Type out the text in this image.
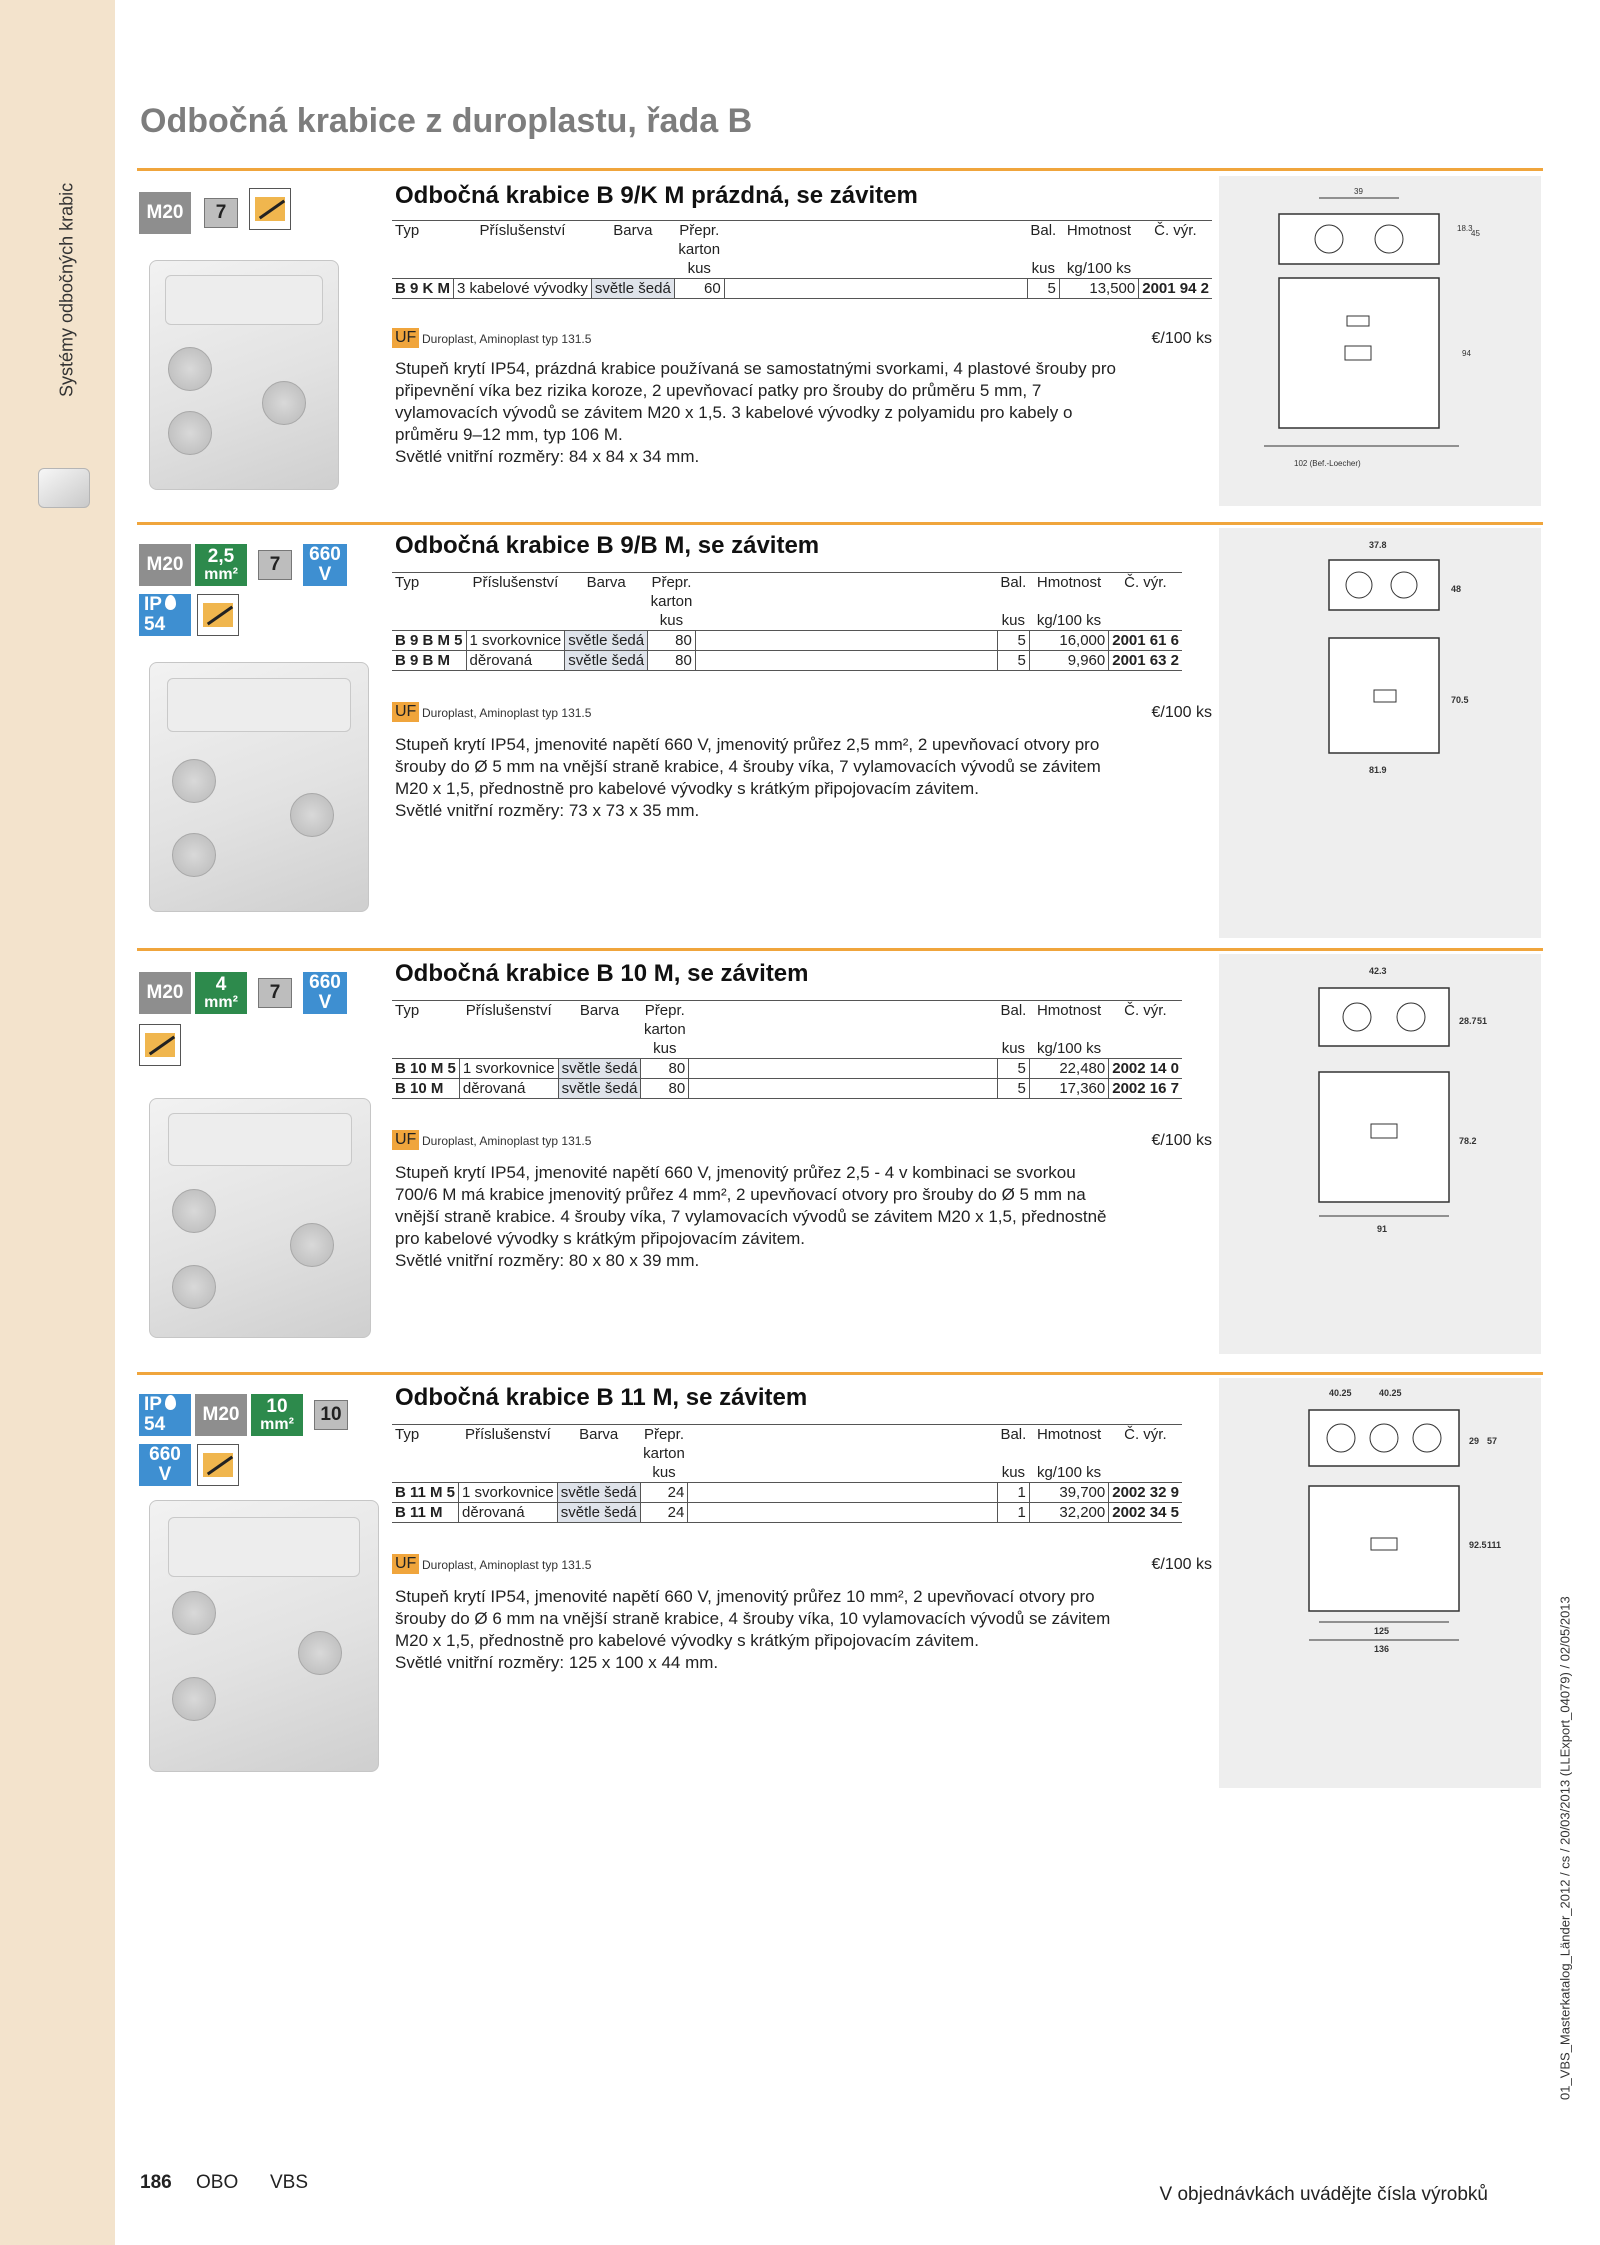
Systémy odbočných krabic
Odbočná krabice z duroplastu, řada B
M20	7
Odbočná krabice B 9/K M prázdná, se závitem
Typ	Příslušenství	Barva	Přepr.		Bal.	Hmotnost	Č. výr.
			karton				
			kus		kus	kg/100 ks	
B 9 K M	3 kabelové vývodky	světle šedá	60		5	13,500	2001 94 2
UF Duroplast, Aminoplast typ 131.5	€/100 ks
Stupeň krytí IP54, prázdná krabice používaná se samostatnými svorkami, 4 plastové šrouby pro
připevnění víka bez rizika koroze, 2 upevňovací patky pro šrouby do průměru 5 mm, 7
vylamovacích vývodů se závitem M20 x 1,5. 3 kabelové vývodky z polyamidu pro kabely o
průměru 9–12 mm, typ 106 M.
Světlé vnitřní rozměry: 84 x 84 x 34 mm.
39
18.3
45
94
102 (Bef.-Loecher)
M20	2,5
mm²	7	660
V
IP
54
Odbočná krabice B 9/B M, se závitem
Typ	Příslušenství	Barva	Přepr.		Bal.	Hmotnost	Č. výr.
			karton				
			kus		kus	kg/100 ks	
B 9 B M 5	1 svorkovnice	světle šedá	80		5	16,000	2001 61 6
B 9 B M	děrovaná	světle šedá	80		5	9,960	2001 63 2
UF Duroplast, Aminoplast typ 131.5	€/100 ks
Stupeň krytí IP54, jmenovité napětí 660 V, jmenovitý průřez 2,5 mm², 2 upevňovací otvory pro
šrouby do Ø 5 mm na vnější straně krabice, 4 šrouby víka, 7 vylamovacích vývodů se závitem
M20 x 1,5, přednostně pro kabelové vývodky s krátkým připojovacím závitem.
Světlé vnitřní rozměry: 73 x 73 x 35 mm.
37.8
48
70.5
81.9
M20	4
mm²	7	660
V
Odbočná krabice B 10 M, se závitem
Typ	Příslušenství	Barva	Přepr.		Bal.	Hmotnost	Č. výr.
			karton				
			kus		kus	kg/100 ks	
B 10 M 5	1 svorkovnice	světle šedá	80		5	22,480	2002 14 0
B 10 M	děrovaná	světle šedá	80		5	17,360	2002 16 7
UF Duroplast, Aminoplast typ 131.5	€/100 ks
Stupeň krytí IP54, jmenovité napětí 660 V, jmenovitý průřez 2,5 - 4 v kombinaci se svorkou
700/6 M má krabice jmenovitý průřez 4 mm², 2 upevňovací otvory pro šrouby do Ø 5 mm na
vnější straně krabice. 4 šrouby víka, 7 vylamovacích vývodů se závitem M20 x 1,5, přednostně
pro kabelové vývodky s krátkým připojovacím závitem.
Světlé vnitřní rozměry: 80 x 80 x 39 mm.
42.3
28.7 51
78.2
91
IP
54	M20	10
mm²	10
660
V
Odbočná krabice B 11 M, se závitem
Typ	Příslušenství	Barva	Přepr.		Bal.	Hmotnost	Č. výr.
			karton				
			kus		kus	kg/100 ks	
B 11 M 5	1 svorkovnice	světle šedá	24		1	39,700	2002 32 9
B 11 M	děrovaná	světle šedá	24		1	32,200	2002 34 5
UF Duroplast, Aminoplast typ 131.5	€/100 ks
Stupeň krytí IP54, jmenovité napětí 660 V, jmenovitý průřez 10 mm², 2 upevňovací otvory pro
šrouby do Ø 6 mm na vnější straně krabice, 4 šrouby víka, 10 vylamovacích vývodů se závitem
M20 x 1,5, přednostně pro kabelové vývodky s krátkým připojovacím závitem.
Světlé vnitřní rozměry: 125 x 100 x 44 mm.
40.25	40.25
29 57
92.5 111
125
136	01_VBS_Masterkatalog_Länder_2012 / cs / 20/03/2013 (LLExport_04079) / 02/05/2013
186 OBO VBS
V objednávkách uvádějte čísla výrobků
